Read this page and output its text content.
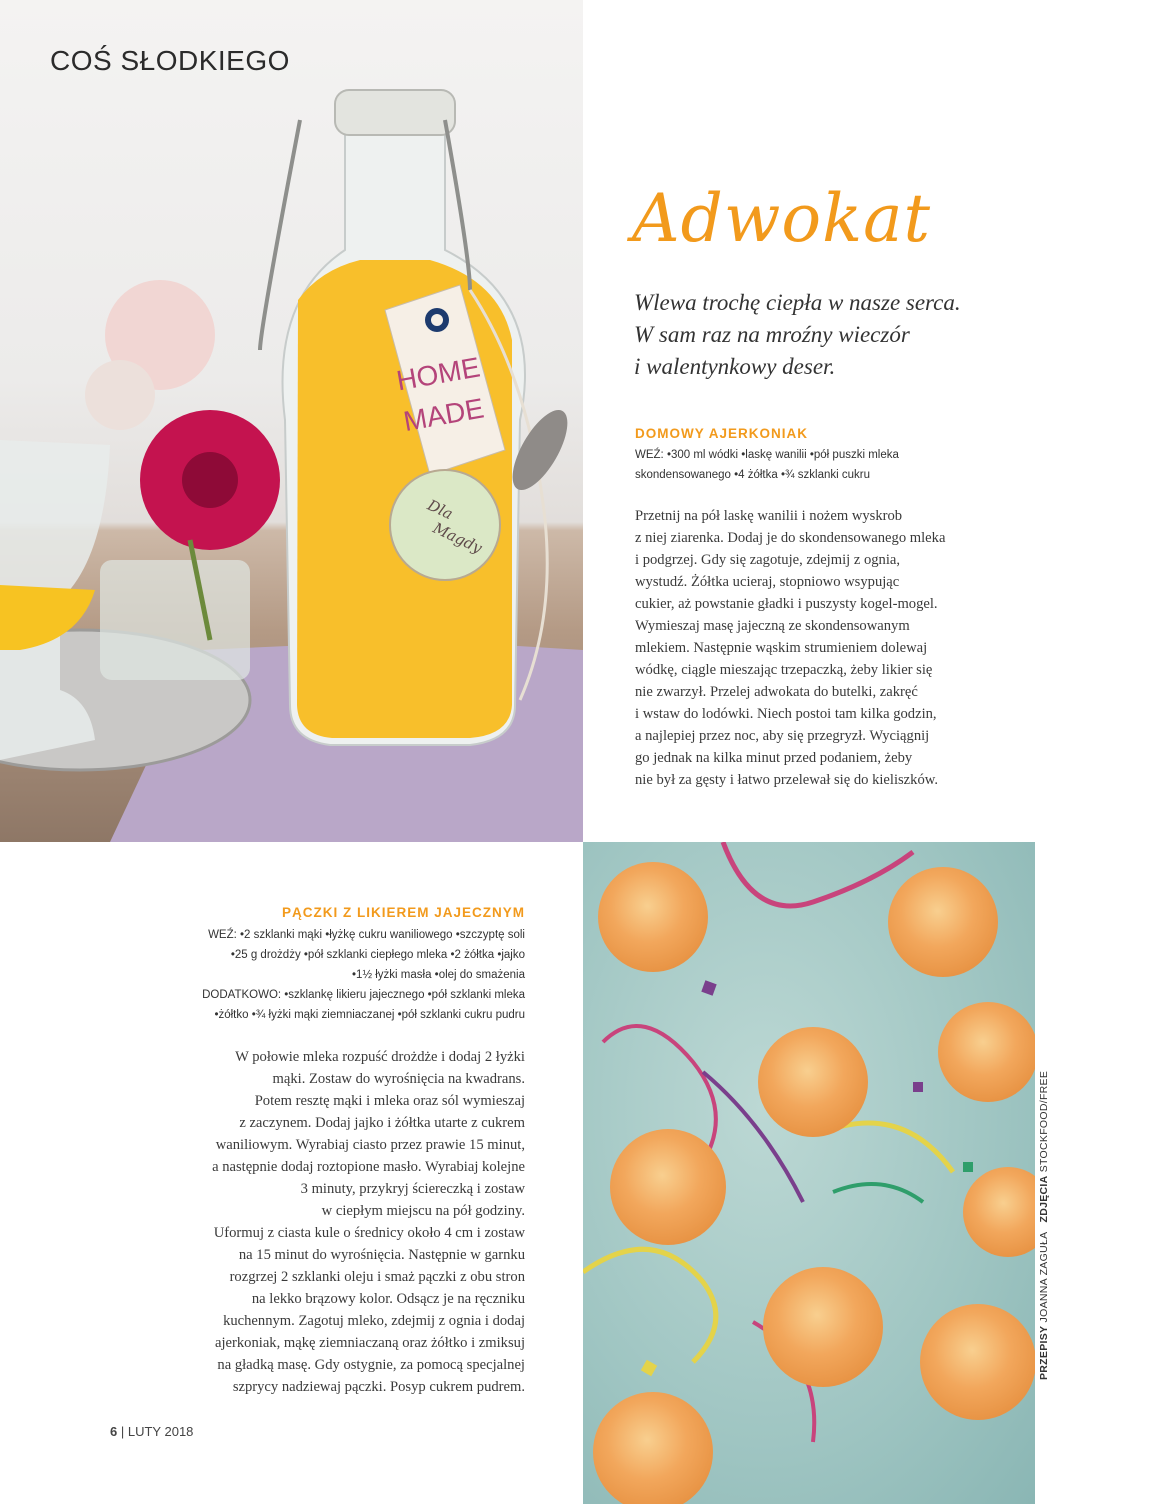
HOME
MADE
Dla
Magdy
COŚ SŁODKIEGO
Adwokat
Wlewa trochę ciepła w nasze serca.
W sam raz na mroźny wieczór
i walentynkowy deser.
DOMOWY AJERKONIAK
WEŹ: •300 ml wódki •laskę wanilii •pół puszki mleka
skondensowanego •4 żółtka •¾ szklanki cukru
Przetnij na pół laskę wanilii i nożem wyskrob
z niej ziarenka. Dodaj je do skondensowanego mleka
i podgrzej. Gdy się zagotuje, zdejmij z ognia,
wystudź. Żółtka ucieraj, stopniowo wsypując
cukier, aż powstanie gładki i puszysty kogel-mogel.
Wymieszaj masę jajeczną ze skondensowanym
mlekiem. Następnie wąskim strumieniem dolewaj
wódkę, ciągle mieszając trzepaczką, żeby likier się
nie zwarzył. Przelej adwokata do butelki, zakręć
i wstaw do lodówki. Niech postoi tam kilka godzin,
a najlepiej przez noc, aby się przegryzł. Wyciągnij
go jednak na kilka minut przed podaniem, żeby
nie był za gęsty i łatwo przelewał się do kieliszków.
PĄCZKI Z LIKIEREM JAJECZNYM
WEŹ: •2 szklanki mąki •łyżkę cukru waniliowego •szczyptę soli
•25 g drożdży •pół szklanki ciepłego mleka •2 żółtka •jajko
•1½ łyżki masła •olej do smażenia
DODATKOWO: •szklankę likieru jajecznego •pół szklanki mleka
•żółtko •¾ łyżki mąki ziemniaczanej •pół szklanki cukru pudru
W połowie mleka rozpuść drożdże i dodaj 2 łyżki
mąki. Zostaw do wyrośnięcia na kwadrans.
Potem resztę mąki i mleka oraz sól wymieszaj
z zaczynem. Dodaj jajko i żółtka utarte z cukrem
waniliowym. Wyrabiaj ciasto przez prawie 15 minut,
a następnie dodaj roztopione masło. Wyrabiaj kolejne
3 minuty, przykryj ściereczką i zostaw
w ciepłym miejscu na pół godziny.
Uformuj z ciasta kule o średnicy około 4 cm i zostaw
na 15 minut do wyrośnięcia. Następnie w garnku
rozgrzej 2 szklanki oleju i smaż pączki z obu stron
na lekko brązowy kolor. Odsącz je na ręczniku
kuchennym. Zagotuj mleko, zdejmij z ognia i dodaj
ajerkoniak, mąkę ziemniaczaną oraz żółtko i zmiksuj
na gładką masę. Gdy ostygnie, za pomocą specjalnej
szprycy nadziewaj pączki. Posyp cukrem pudrem.
PRZEPISY JOANNA ZAGUŁA   ZDJĘCIA STOCKFOOD/FREE
6 | LUTY 2018
